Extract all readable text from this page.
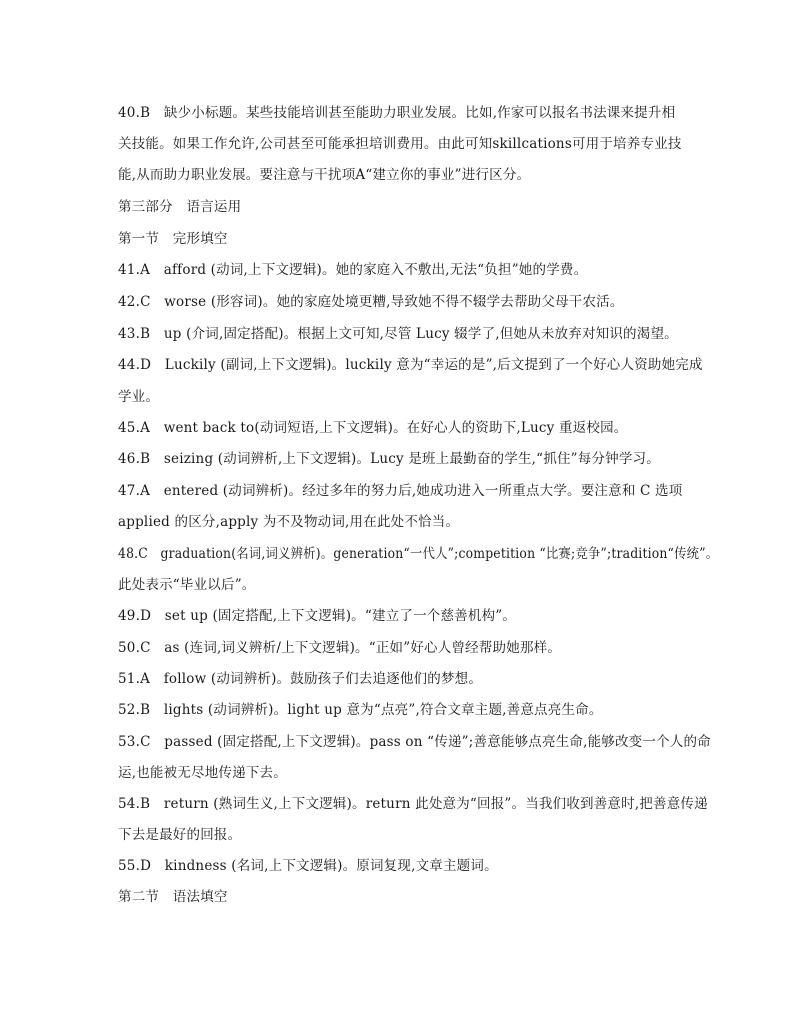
40.B　缺少小标题。某些技能培训甚至能助力职业发展。比如,作家可以报名书法课来提升相
关技能。如果工作允许,公司甚至可能承担培训费用。由此可知skillcations可用于培养专业技
能,从而助力职业发展。要注意与干扰项A“建立你的事业”进行区分。
第三部分　语言运用
第一节　完形填空
41.A　afford (动词,上下文逻辑)。她的家庭入不敷出,无法“负担”她的学费。
42.C　worse (形容词)。她的家庭处境更糟,导致她不得不辍学去帮助父母干农活。
43.B　up (介词,固定搭配)。根据上文可知,尽管 Lucy 辍学了,但她从未放弃对知识的渴望。
44.D　Luckily (副词,上下文逻辑)。luckily 意为“幸运的是”,后文提到了一个好心人资助她完成
学业。
45.A　went back to(动词短语,上下文逻辑)。在好心人的资助下,Lucy 重返校园。
46.B　seizing (动词辨析,上下文逻辑)。Lucy 是班上最勤奋的学生,“抓住”每分钟学习。
47.A　entered (动词辨析)。经过多年的努力后,她成功进入一所重点大学。要注意和 C 选项
applied 的区分,apply 为不及物动词,用在此处不恰当。
48.C　graduation(名词,词义辨析)。generation“一代人”;competition “比赛;竞争”;tradition“传统”。
此处表示“毕业以后”。
49.D　set up (固定搭配,上下文逻辑)。“建立了一个慈善机构”。
50.C　as (连词,词义辨析/上下文逻辑)。“正如”好心人曾经帮助她那样。
51.A　follow (动词辨析)。鼓励孩子们去追逐他们的梦想。
52.B　lights (动词辨析)。light up 意为“点亮”,符合文章主题,善意点亮生命。
53.C　passed (固定搭配,上下文逻辑)。pass on “传递”;善意能够点亮生命,能够改变一个人的命
运,也能被无尽地传递下去。
54.B　return (熟词生义,上下文逻辑)。return 此处意为“回报”。当我们收到善意时,把善意传递
下去是最好的回报。
55.D　kindness (名词,上下文逻辑)。原词复现,文章主题词。
第二节　语法填空
